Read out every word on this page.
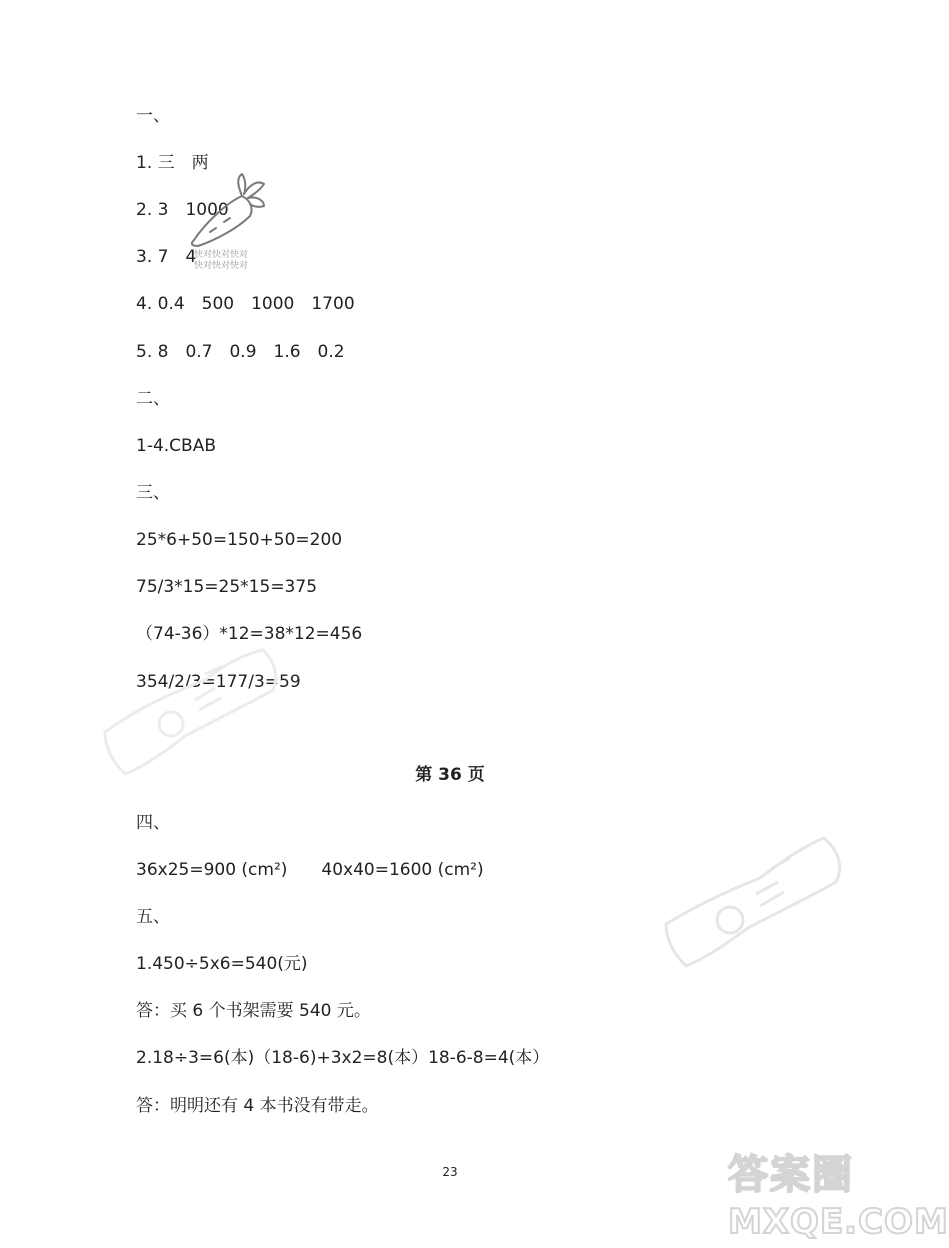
一、
1. 三　两
2. 3　1000
3. 7　4
4. 0.4　500　1000　1700
5. 8　0.7　0.9　1.6　0.2
二、
1-4.CBAB
三、
25*6+50=150+50=200
75/3*15=25*15=375
（74-36）*12=38*12=456
354/2/3=177/3=59
第 36 页
四、
36x25=900 (cm²)　　40x40=1600 (cm²)
五、
1.450÷5x6=540(元)
答：买 6 个书架需要 540 元。
2.18÷3=6(本)（18-6)+3x2=8(本）18-6-8=4(本）
答：明明还有 4 本书没有带走。
23
快对快对快对
快对快对快对
答案圈
MXQE.COM
